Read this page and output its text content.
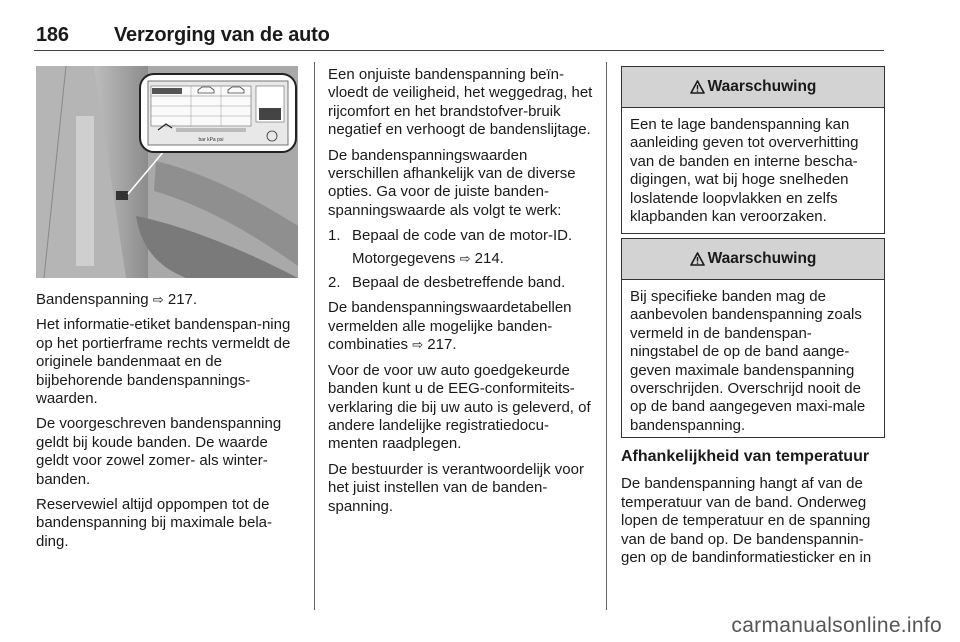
186 Verzorging van de auto
bar kPa psi

Bandenspanning ⇨ 217.

Het informatie-etiket bandenspan-ning op het portierframe rechts vermeldt de originele bandenmaat en de bijbehorende bandenspannings-waarden.

De voorgeschreven bandenspanning geldt bij koude banden. De waarde geldt voor zowel zomer- als winter-banden.

Reservewiel altijd oppompen tot de bandenspanning bij maximale bela-ding.

Een onjuiste bandenspanning beïn-vloedt de veiligheid, het weggedrag, het rijcomfort en het brandstofver-bruik negatief en verhoogt de bandenslijtage.

De bandenspanningswaarden verschillen afhankelijk van de diverse opties. Ga voor de juiste banden-spanningswaarde als volgt te werk:

1. Bepaal de code van de motor-ID.
Motorgegevens ⇨ 214.
2. Bepaal de desbetreffende band.

De bandenspanningswaardetabellen vermelden alle mogelijke banden-combinaties ⇨ 217.

Voor de voor uw auto goedgekeurde banden kunt u de EEG-conformiteits-verklaring die bij uw auto is geleverd, of andere landelijke registratiedocu-menten raadplegen.

De bestuurder is verantwoordelijk voor het juist instellen van de banden-spanning.

Waarschuwing
Een te lage bandenspanning kan aanleiding geven tot oververhitting van de banden en interne bescha-digingen, wat bij hoge snelheden loslatende loopvlakken en zelfs klapbanden kan veroorzaken.
Waarschuwing
Bij specifieke banden mag de aanbevolen bandenspanning zoals vermeld in de bandenspan-ningstabel de op de band aange-geven maximale bandenspanning overschrijden. Overschrijd nooit de op de band aangegeven maxi-male bandenspanning.

Afhankelijkheid van temperatuur

De bandenspanning hangt af van de temperatuur van de band. Onderweg lopen de temperatuur en de spanning van de band op. De bandenspannin-gen op de bandinformatiesticker en in

carmanualsonline.info
